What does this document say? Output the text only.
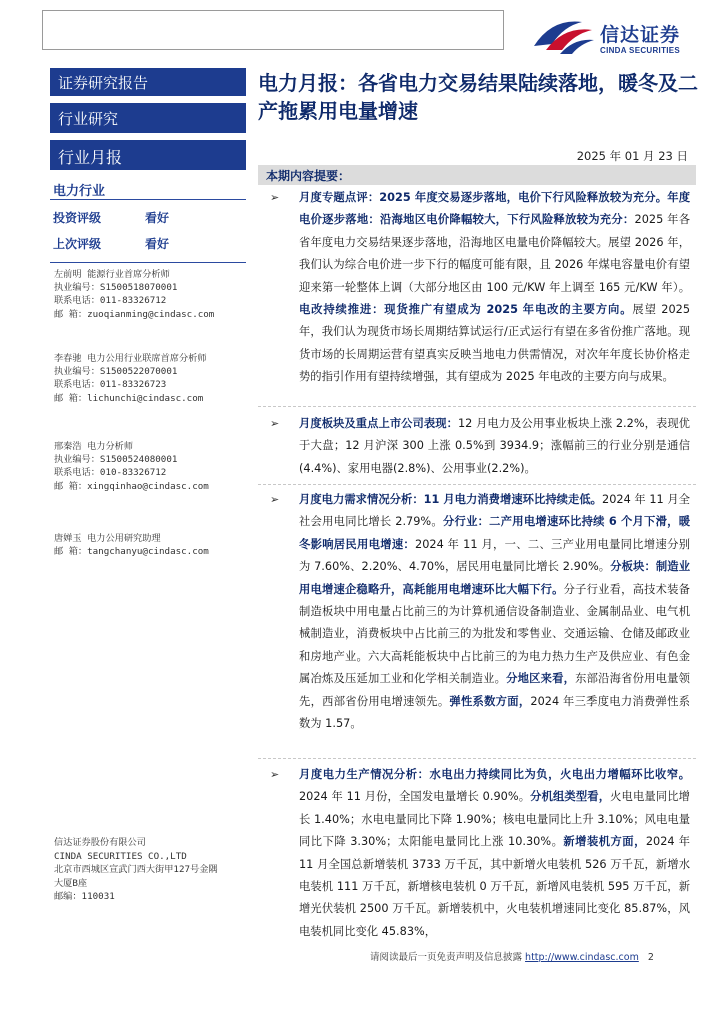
信达证券
CINDA SECURITIES
证券研究报告
行业研究
行业月报
电力行业
投资评级	看好
上次评级	看好
左前明 能源行业首席分析师
执业编号：S1500518070001
联系电话：011-83326712
邮 箱：zuoqianming@cindasc.com
李春驰 电力公用行业联席首席分析师
执业编号：S1500522070001
联系电话：011-83326723
邮 箱：lichunchi@cindasc.com
邢秦浩 电力分析师
执业编号：S1500524080001
联系电话：010-83326712
邮 箱：xingqinhao@cindasc.com
唐婵玉 电力公用研究助理
邮 箱：tangchanyu@cindasc.com
信达证券股份有限公司
CINDA SECURITIES CO.,LTD
北京市西城区宣武门西大街甲127号金隅
大厦B座
邮编：110031
电力月报：各省电力交易结果陆续落地，暖冬及二产拖累用电量增速
2025 年 01 月 23 日
本期内容提要：
➢ 月度专题点评：2025 年度交易逐步落地，电价下行风险释放较为充分。年度电价逐步落地：沿海地区电价降幅较大，下行风险释放较为充分：2025 年各省年度电力交易结果逐步落地，沿海地区电量电价降幅较大。展望 2026 年，我们认为综合电价进一步下行的幅度可能有限，且 2026 年煤电容量电价有望迎来第一轮整体上调（大部分地区由 100 元/KW 年上调至 165 元/KW 年）。电改持续推进：现货推广有望成为 2025 年电改的主要方向。展望 2025 年，我们认为现货市场长周期结算试运行/正式运行有望在多省份推广落地。现货市场的长周期运营有望真实反映当地电力供需情况，对次年年度长协价格走势的指引作用有望持续增强，其有望成为 2025 年电改的主要方向与成果。
➢ 月度板块及重点上市公司表现：12 月电力及公用事业板块上涨 2.2%，表现优于大盘；12 月沪深 300 上涨 0.5%到 3934.9；涨幅前三的行业分别是通信(4.4%)、家用电器(2.8%)、公用事业(2.2%)。
➢ 月度电力需求情况分析：11 月电力消费增速环比持续走低。2024 年 11 月全社会用电同比增长 2.79%。分行业：二产用电增速环比持续 6 个月下滑，暖冬影响居民用电增速：2024 年 11 月，一、二、三产业用电量同比增速分别为 7.60%、2.20%、4.70%，居民用电量同比增长 2.90%。分板块：制造业用电增速企稳略升，高耗能用电增速环比大幅下行。分子行业看，高技术装备制造板块中用电量占比前三的为计算机通信设备制造业、金属制品业、电气机械制造业，消费板块中占比前三的为批发和零售业、交通运输、仓储及邮政业和房地产业。六大高耗能板块中占比前三的为电力热力生产及供应业、有色金属冶炼及压延加工业和化学相关制造业。分地区来看，东部沿海省份用电量领先，西部省份用电增速领先。弹性系数方面，2024 年三季度电力消费弹性系数为 1.57。
➢ 月度电力生产情况分析：水电出力持续同比为负，火电出力增幅环比收窄。2024 年 11 月份，全国发电量增长 0.90%。分机组类型看，火电电量同比增长 1.40%；水电电量同比下降 1.90%；核电电量同比上升 3.10%；风电电量同比下降 3.30%；太阳能电量同比上涨 10.30%。新增装机方面，2024 年 11 月全国总新增装机 3733 万千瓦，其中新增火电装机 526 万千瓦，新增水电装机 111 万千瓦，新增核电装机 0 万千瓦，新增风电装机 595 万千瓦，新增光伏装机 2500 万千瓦。新增装机中，火电装机增速同比变化 85.87%，风电装机同比变化 45.83%，
请阅读最后一页免责声明及信息披露 http://www.cindasc.com 2
